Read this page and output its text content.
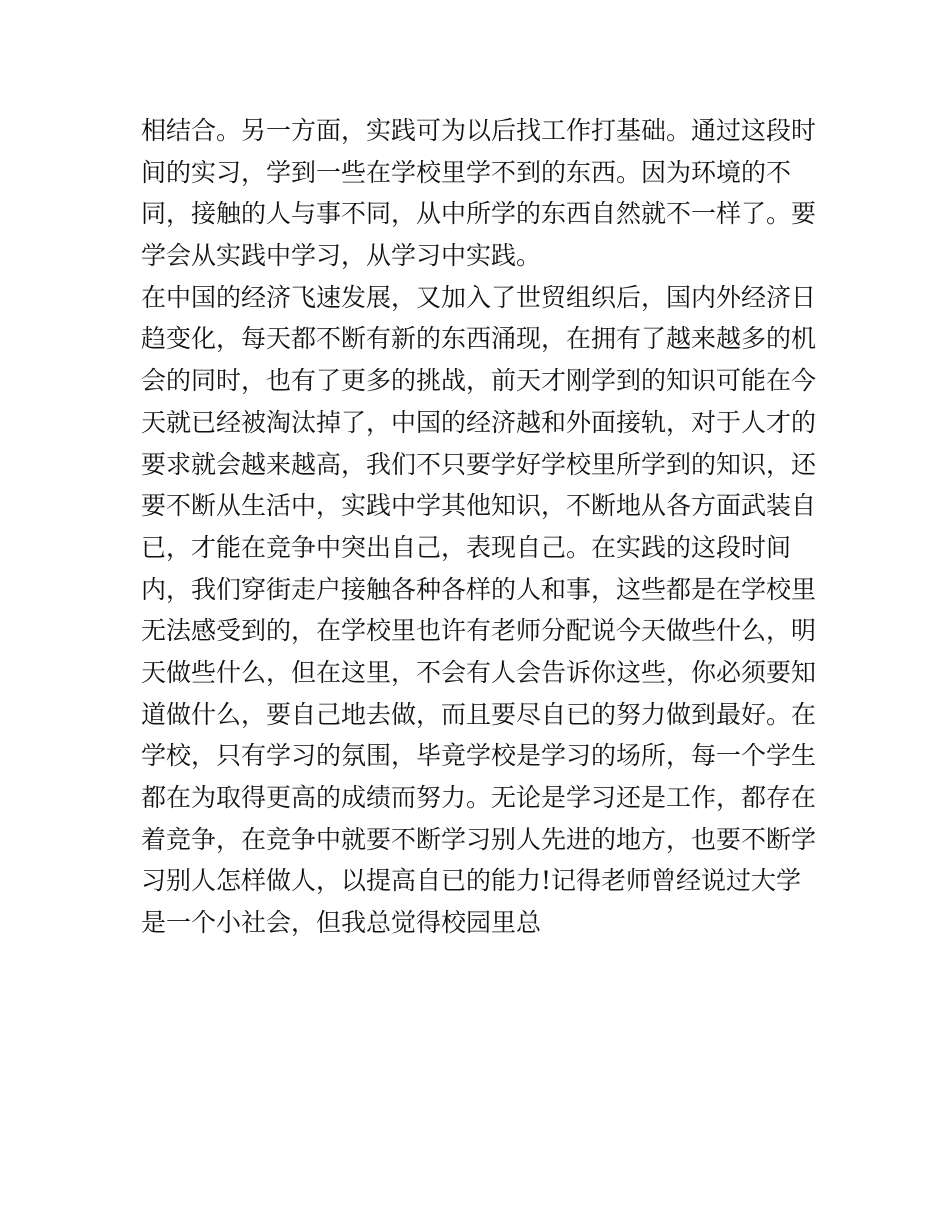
相结合。另一方面，实践可为以后找工作打基础。通过这段时
间的实习，学到一些在学校里学不到的东西。因为环境的不
同，接触的人与事不同，从中所学的东西自然就不一样了。要
学会从实践中学习，从学习中实践。
在中国的经济飞速发展，又加入了世贸组织后，国内外经济日
趋变化，每天都不断有新的东西涌现，在拥有了越来越多的机
会的同时，也有了更多的挑战，前天才刚学到的知识可能在今
天就已经被淘汰掉了，中国的经济越和外面接轨，对于人才的
要求就会越来越高，我们不只要学好学校里所学到的知识，还
要不断从生活中，实践中学其他知识，不断地从各方面武装自
已，才能在竞争中突出自己，表现自己。在实践的这段时间
内，我们穿街走户接触各种各样的人和事，这些都是在学校里
无法感受到的，在学校里也许有老师分配说今天做些什么，明
天做些什么，但在这里，不会有人会告诉你这些，你必须要知
道做什么，要自己地去做，而且要尽自已的努力做到最好。在
学校，只有学习的氛围，毕竟学校是学习的场所，每一个学生
都在为取得更高的成绩而努力。无论是学习还是工作，都存在
着竞争，在竞争中就要不断学习别人先进的地方，也要不断学
习别人怎样做人，以提高自已的能力!记得老师曾经说过大学
是一个小社会，但我总觉得校园里总
